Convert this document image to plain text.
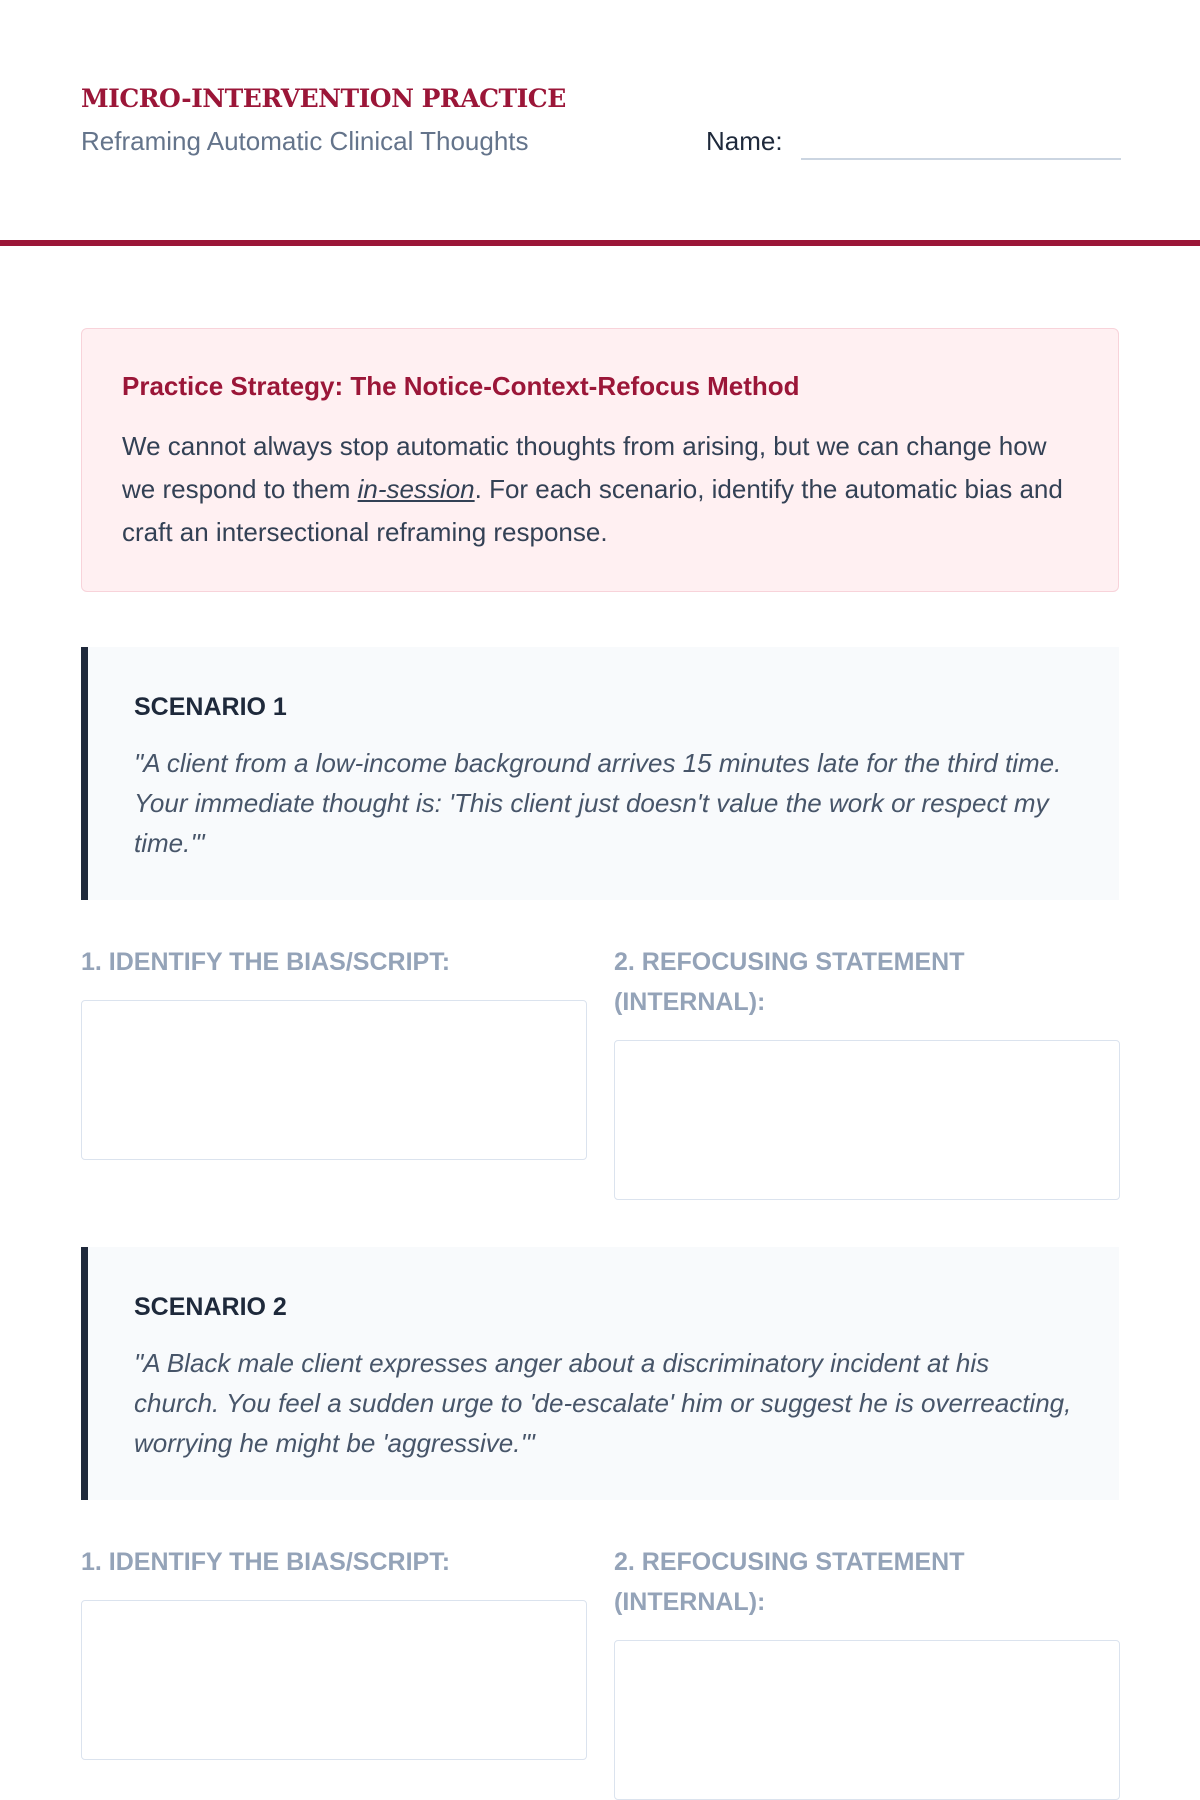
MICRO-INTERVENTION PRACTICE

Reframing Automatic Clinical Thoughts	Name:
Practice Strategy: The Notice-Context-Refocus Method

We cannot always stop automatic thoughts from arising, but we can change how we respond to them in-session. For each scenario, identify the automatic bias and craft an intersectional reframing response.

SCENARIO 1

"A client from a low-income background arrives 15 minutes late for the third time. Your immediate thought is: 'This client just doesn't value the work or respect my time.'"

1. IDENTIFY THE BIAS/SCRIPT:	2. REFOCUSING STATEMENT (INTERNAL):

SCENARIO 2

"A Black male client expresses anger about a discriminatory incident at his church. You feel a sudden urge to 'de-escalate' him or suggest he is overreacting, worrying he might be 'aggressive.'"

1. IDENTIFY THE BIAS/SCRIPT:	2. REFOCUSING STATEMENT (INTERNAL):
